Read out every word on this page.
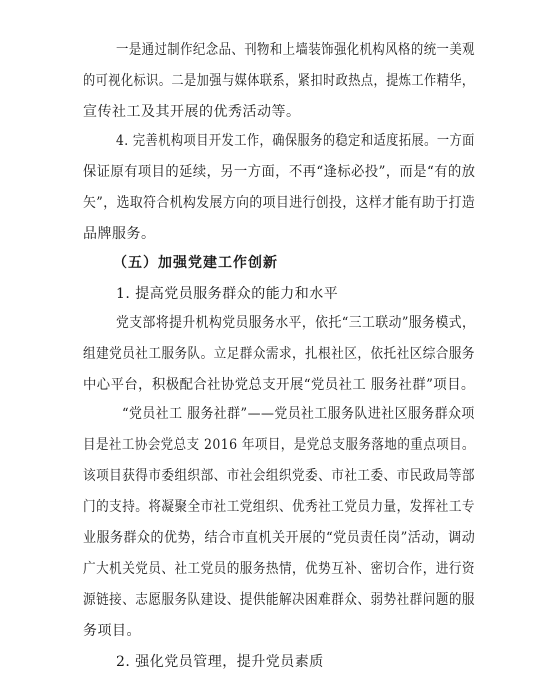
一是通过制作纪念品、刊物和上墙装饰强化机构风格的统一美观
的可视化标识。二是加强与媒体联系，紧扣时政热点，提炼工作精华，
宣传社工及其开展的优秀活动等。
4. 完善机构项目开发工作，确保服务的稳定和适度拓展。一方面
保证原有项目的延续，另一方面，不再“逢标必投”，而是“有的放
矢”，选取符合机构发展方向的项目进行创投，这样才能有助于打造
品牌服务。
（五）加强党建工作创新
1. 提高党员服务群众的能力和水平
党支部将提升机构党员服务水平，依托“三工联动”服务模式，
组建党员社工服务队。立足群众需求，扎根社区，依托社区综合服务
中心平台，积极配合社协党总支开展“党员社工 服务社群”项目。
“党员社工 服务社群”——党员社工服务队进社区服务群众项
目是社工协会党总支 2016 年项目，是党总支服务落地的重点项目。
该项目获得市委组织部、市社会组织党委、市社工委、市民政局等部
门的支持。将凝聚全市社工党组织、优秀社工党员力量，发挥社工专
业服务群众的优势，结合市直机关开展的“党员责任岗”活动，调动
广大机关党员、社工党员的服务热情，优势互补、密切合作，进行资
源链接、志愿服务队建设、提供能解决困难群众、弱势社群问题的服
务项目。
2. 强化党员管理，提升党员素质
